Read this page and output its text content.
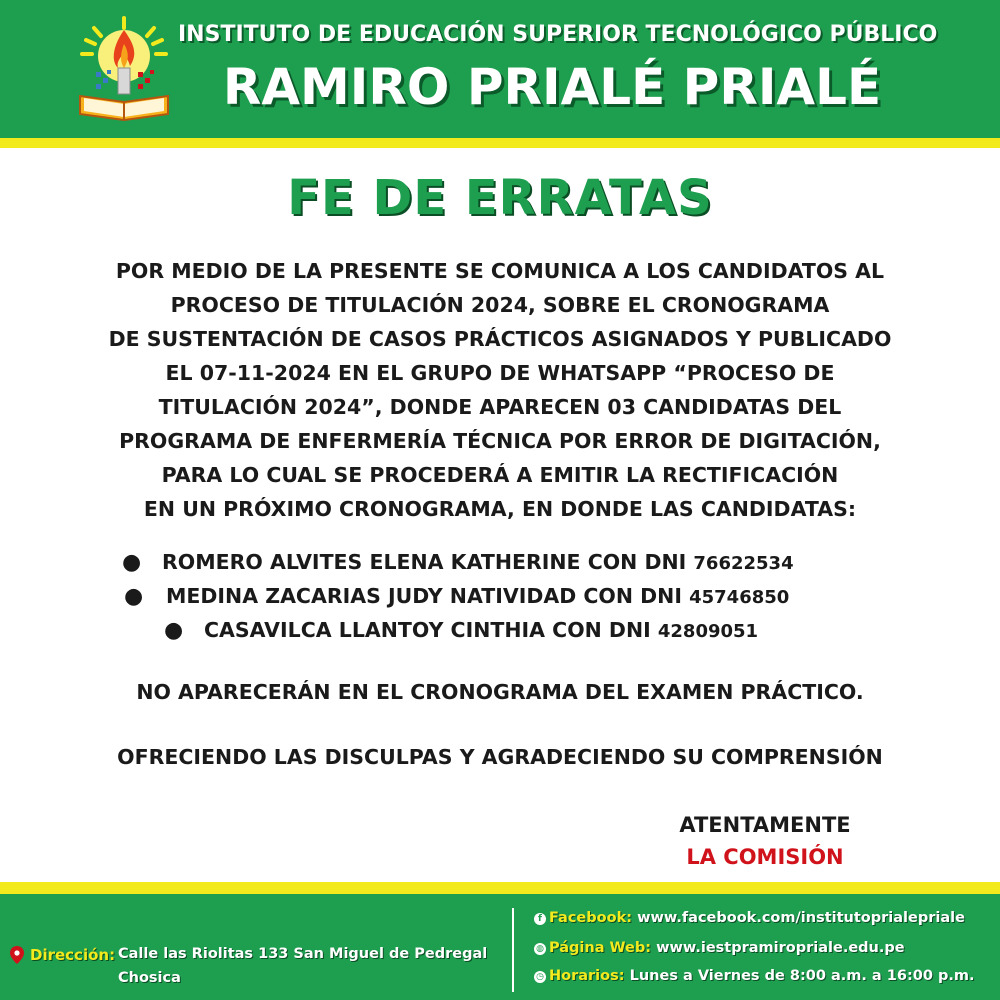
INSTITUTO DE EDUCACIÓN SUPERIOR TECNOLÓGICO PÚBLICO
RAMIRO PRIALÉ PRIALÉ
FE DE ERRATAS
POR MEDIO DE LA PRESENTE SE COMUNICA A LOS CANDIDATOS AL
PROCESO DE TITULACIÓN 2024, SOBRE EL CRONOGRAMA
DE SUSTENTACIÓN DE CASOS PRÁCTICOS ASIGNADOS Y PUBLICADO
EL 07-11-2024 EN EL GRUPO DE WHATSAPP “PROCESO DE
TITULACIÓN 2024”, DONDE APARECEN 03 CANDIDATAS DEL
PROGRAMA DE ENFERMERÍA TÉCNICA POR ERROR DE DIGITACIÓN,
PARA LO CUAL SE PROCEDERÁ A EMITIR LA RECTIFICACIÓN
EN UN PRÓXIMO CRONOGRAMA, EN DONDE LAS CANDIDATAS:
● ROMERO ALVITES ELENA KATHERINE CON DNI 76622534
● MEDINA ZACARIAS JUDY NATIVIDAD CON DNI 45746850
● CASAVILCA LLANTOY CINTHIA CON DNI 42809051
NO APARECERÁN EN EL CRONOGRAMA DEL EXAMEN PRÁCTICO.
OFRECIENDO LAS DISCULPAS Y AGRADECIENDO SU COMPRENSIÓN
ATENTAMENTE
LA COMISIÓN
Dirección: Calle las Riolitas 133 San Miguel de Pedregal
Chosica
f Facebook: www.facebook.com/institutoprialepriale
◍ Página Web: www.iestpramiropriale.edu.pe
◷ Horarios: Lunes a Viernes de 8:00 a.m. a 16:00 p.m.
